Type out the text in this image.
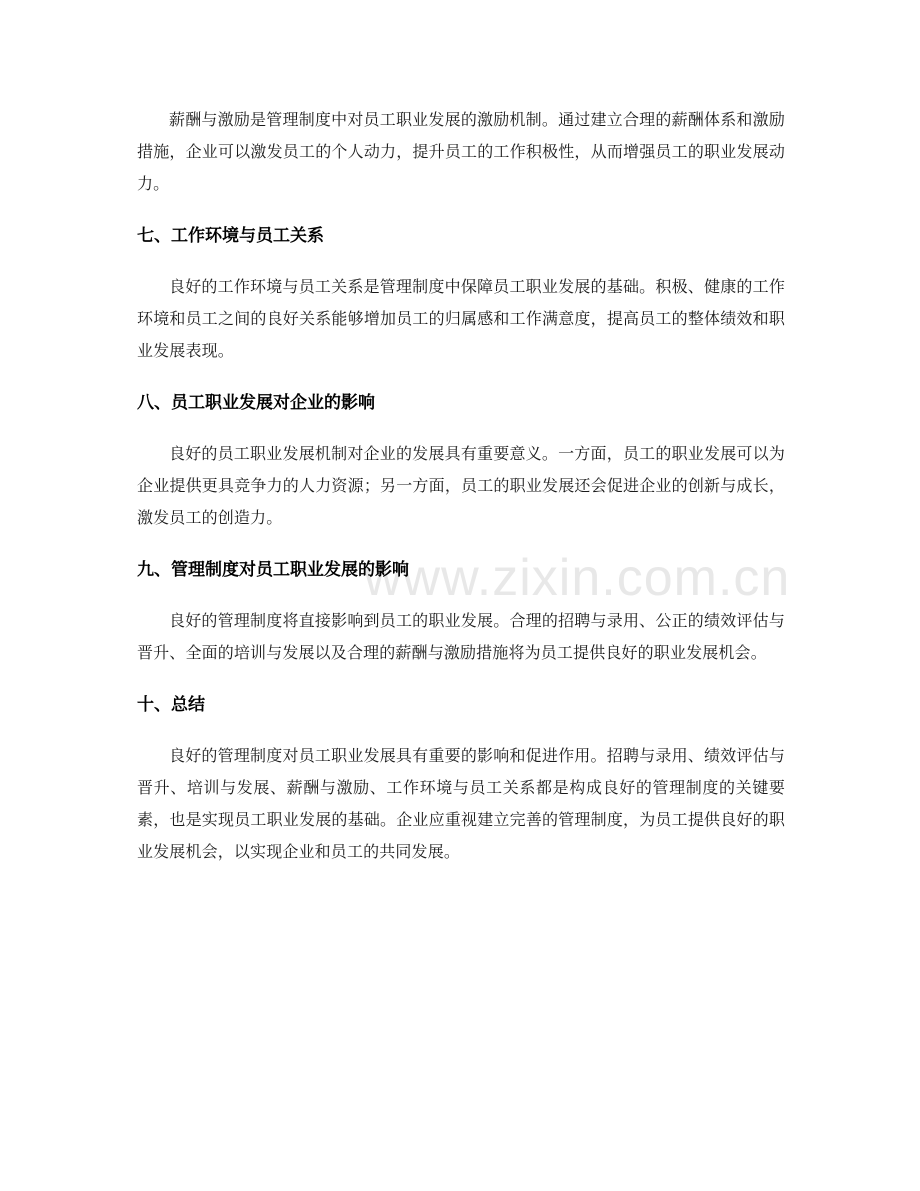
www.zixin.com.cn

薪酬与激励是管理制度中对员工职业发展的激励机制。通过建立合理的薪酬体系和激励措施，企业可以激发员工的个人动力，提升员工的工作积极性，从而增强员工的职业发展动力。

七、工作环境与员工关系

良好的工作环境与员工关系是管理制度中保障员工职业发展的基础。积极、健康的工作环境和员工之间的良好关系能够增加员工的归属感和工作满意度，提高员工的整体绩效和职业发展表现。

八、员工职业发展对企业的影响

良好的员工职业发展机制对企业的发展具有重要意义。一方面，员工的职业发展可以为企业提供更具竞争力的人力资源；另一方面，员工的职业发展还会促进企业的创新与成长，激发员工的创造力。

九、管理制度对员工职业发展的影响

良好的管理制度将直接影响到员工的职业发展。合理的招聘与录用、公正的绩效评估与晋升、全面的培训与发展以及合理的薪酬与激励措施将为员工提供良好的职业发展机会。

十、总结

良好的管理制度对员工职业发展具有重要的影响和促进作用。招聘与录用、绩效评估与晋升、培训与发展、薪酬与激励、工作环境与员工关系都是构成良好的管理制度的关键要素，也是实现员工职业发展的基础。企业应重视建立完善的管理制度，为员工提供良好的职业发展机会，以实现企业和员工的共同发展。
